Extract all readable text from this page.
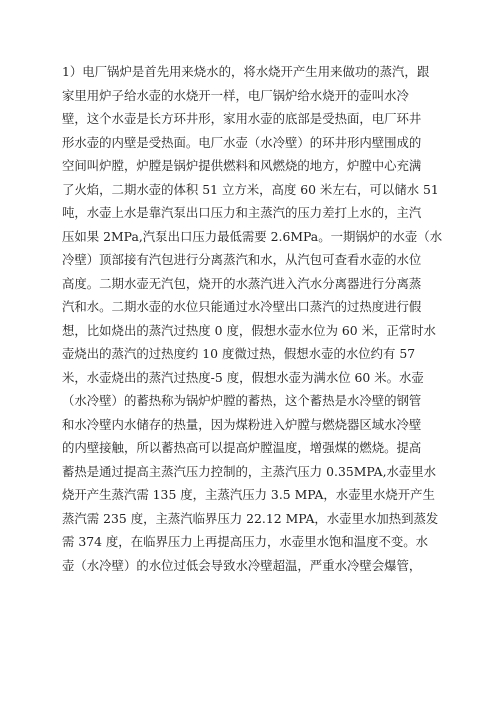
1）电厂锅炉是首先用来烧水的，将水烧开产生用来做功的蒸汽，跟
家里用炉子给水壶的水烧开一样，电厂锅炉给水烧开的壶叫水冷
壁，这个水壶是长方环井形，家用水壶的底部是受热面，电厂环井
形水壶的内壁是受热面。电厂水壶（水冷壁）的环井形内壁围成的
空间叫炉膛，炉膛是锅炉提供燃料和风燃烧的地方，炉膛中心充满
了火焰，二期水壶的体积 51 立方米，高度 60 米左右，可以储水 51
吨，水壶上水是靠汽泵出口压力和主蒸汽的压力差打上水的，主汽
压如果 2MPa,汽泵出口压力最低需要 2.6MPa。一期锅炉的水壶（水
冷壁）顶部接有汽包进行分离蒸汽和水，从汽包可查看水壶的水位
高度。二期水壶无汽包，烧开的水蒸汽进入汽水分离器进行分离蒸
汽和水。二期水壶的水位只能通过水冷壁出口蒸汽的过热度进行假
想，比如烧出的蒸汽过热度 0 度，假想水壶水位为 60 米，正常时水
壶烧出的蒸汽的过热度约 10 度微过热，假想水壶的水位约有 57
米，水壶烧出的蒸汽过热度-5 度，假想水壶为满水位 60 米。水壶
（水冷壁）的蓄热称为锅炉炉膛的蓄热，这个蓄热是水冷壁的钢管
和水冷壁内水储存的热量，因为煤粉进入炉膛与燃烧器区域水冷壁
的内壁接触，所以蓄热高可以提高炉膛温度，增强煤的燃烧。提高
蓄热是通过提高主蒸汽压力控制的，主蒸汽压力 0.35MPA,水壶里水
烧开产生蒸汽需 135 度，主蒸汽压力 3.5 MPA，水壶里水烧开产生
蒸汽需 235 度，主蒸汽临界压力 22.12 MPA，水壶里水加热到蒸发
需 374 度，在临界压力上再提高压力，水壶里水饱和温度不变。水
壶（水冷壁）的水位过低会导致水冷壁超温，严重水冷壁会爆管，
